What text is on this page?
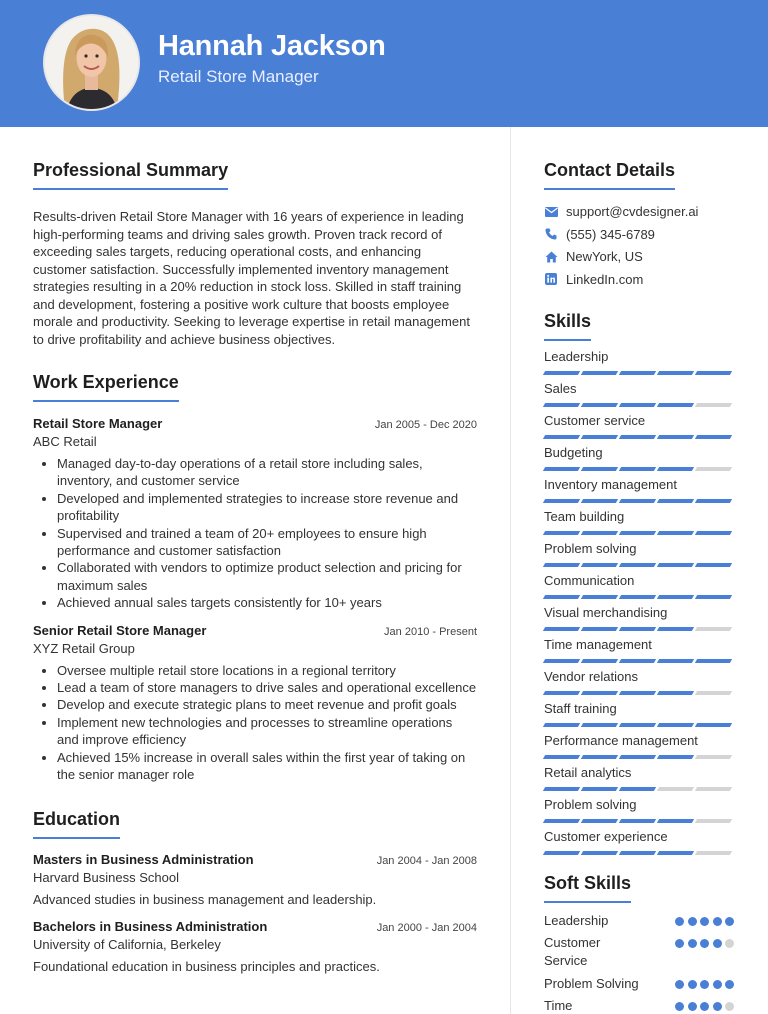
Hannah Jackson
Retail Store Manager
Professional Summary

Results-driven Retail Store Manager with 16 years of experience in leading high-performing teams and driving sales growth. Proven track record of exceeding sales targets, reducing operational costs, and enhancing customer satisfaction. Successfully implemented inventory management strategies resulting in a 20% reduction in stock loss. Skilled in staff training and development, fostering a positive work culture that boosts employee morale and productivity. Seeking to leverage expertise in retail management to drive profitability and achieve business objectives.

Work Experience
Retail Store Manager	Jan 2005 - Dec 2020
ABC Retail
• Managed day-to-day operations of a retail store including sales, inventory, and customer service
• Developed and implemented strategies to increase store revenue and profitability
• Supervised and trained a team of 20+ employees to ensure high performance and customer satisfaction
• Collaborated with vendors to optimize product selection and pricing for maximum sales
• Achieved annual sales targets consistently for 10+ years
Senior Retail Store Manager	Jan 2010 - Present
XYZ Retail Group
• Oversee multiple retail store locations in a regional territory
• Lead a team of store managers to drive sales and operational excellence
• Develop and execute strategic plans to meet revenue and profit goals
• Implement new technologies and processes to streamline operations and improve efficiency
• Achieved 15% increase in overall sales within the first year of taking on the senior manager role
Education
Masters in Business Administration	Jan 2004 - Jan 2008
Harvard Business School
Advanced studies in business management and leadership.
Bachelors in Business Administration	Jan 2000 - Jan 2004
University of California, Berkeley
Foundational education in business principles and practices.
Contact Details
support@cvdesigner.ai
(555) 345-6789
NewYork, US
LinkedIn.com
Skills
Leadership
Sales
Customer service
Budgeting
Inventory management
Team building
Problem solving
Communication
Visual merchandising
Time management
Vendor relations
Staff training
Performance management
Retail analytics
Problem solving
Customer experience
Soft Skills
Leadership
Customer Service
Problem Solving
Time
